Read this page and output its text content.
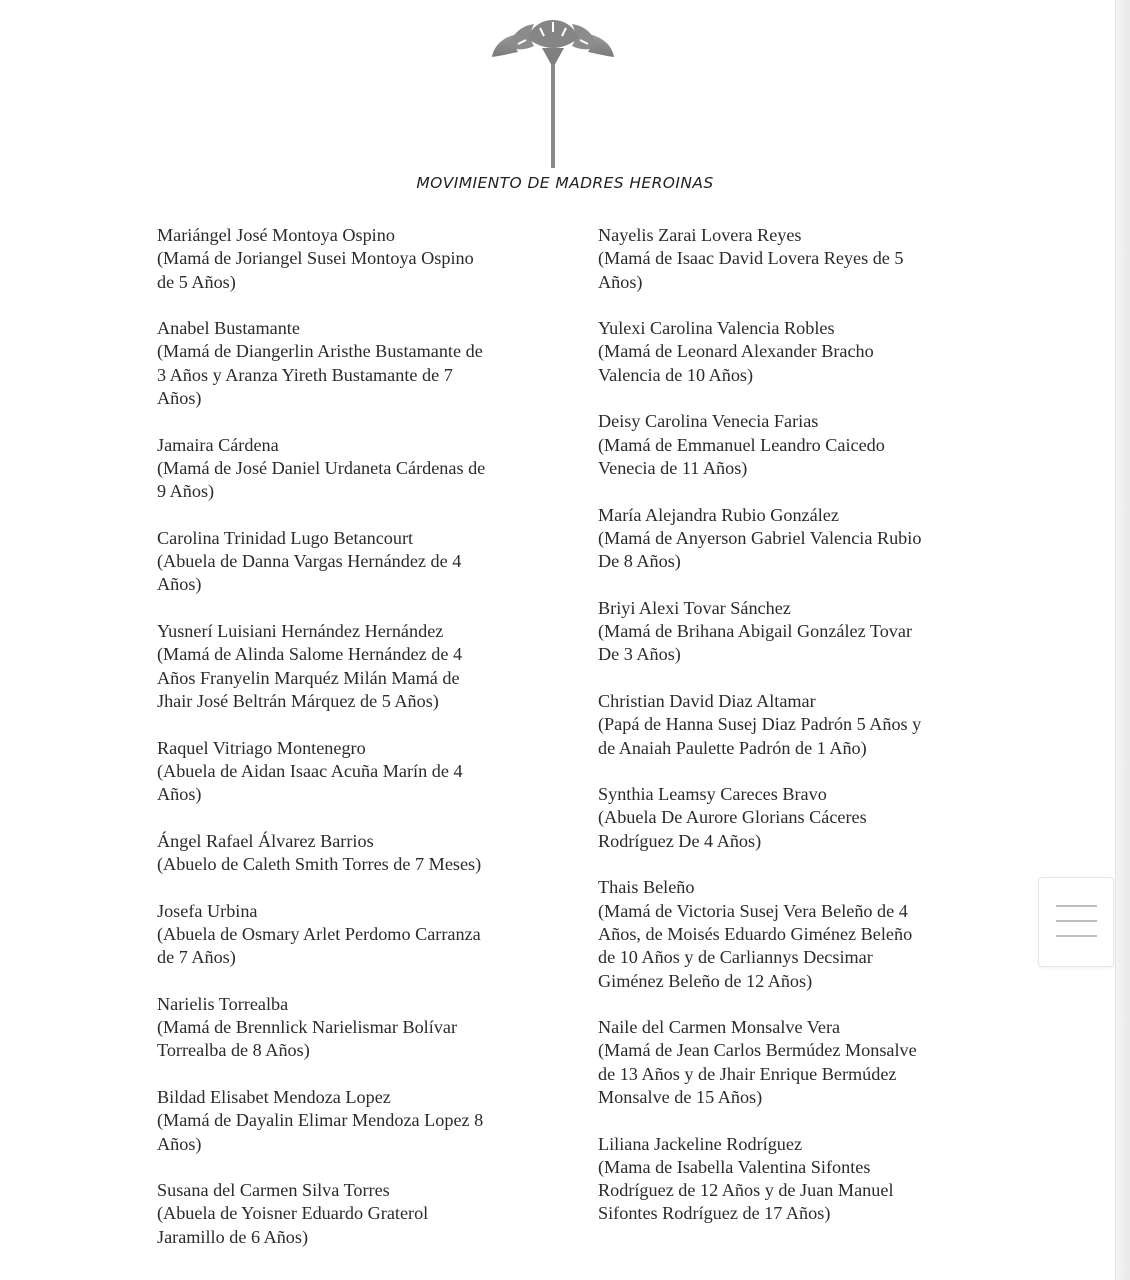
MOVIMIENTO DE MADRES HEROINAS

Mariángel José Montoya Ospino
(Mamá de Joriangel Susei Montoya Ospino
de 5 Años)

Anabel Bustamante
(Mamá de Diangerlin Aristhe Bustamante de
3 Años y Aranza Yireth Bustamante de 7
Años)

Jamaira Cárdena
(Mamá de José Daniel Urdaneta Cárdenas de
9 Años)

Carolina Trinidad Lugo Betancourt
(Abuela de Danna Vargas Hernández de 4
Años)

Yusnerí Luisiani Hernández Hernández
(Mamá de Alinda Salome Hernández de 4
Años Franyelin Marquéz Milán Mamá de
Jhair José Beltrán Márquez de 5 Años)

Raquel Vitriago Montenegro
(Abuela de Aidan Isaac Acuña Marín de 4
Años)

Ángel Rafael Álvarez Barrios
(Abuelo de Caleth Smith Torres de 7 Meses)

Josefa Urbina
(Abuela de Osmary Arlet Perdomo Carranza
de 7 Años)

Narielis Torrealba
(Mamá de Brennlick Narielismar Bolívar
Torrealba de 8 Años)

Bildad Elisabet Mendoza Lopez
(Mamá de Dayalin Elimar Mendoza Lopez 8
Años)

Susana del Carmen Silva Torres
(Abuela de Yoisner Eduardo Graterol
Jaramillo de 6 Años)

Nayelis Zarai Lovera Reyes
(Mamá de Isaac David Lovera Reyes de 5
Años)

Yulexi Carolina Valencia Robles
(Mamá de Leonard Alexander Bracho
Valencia de 10 Años)

Deisy Carolina Venecia Farias
(Mamá de Emmanuel Leandro Caicedo
Venecia de 11 Años)

María Alejandra Rubio González
(Mamá de Anyerson Gabriel Valencia Rubio
De 8 Años)

Briyi Alexi Tovar Sánchez
(Mamá de Brihana Abigail González Tovar
De 3 Años)

Christian David Diaz Altamar
(Papá de Hanna Susej Diaz Padrón 5 Años y
de Anaiah Paulette Padrón de 1 Año)

Synthia Leamsy Careces Bravo
(Abuela De Aurore Glorians Cáceres
Rodríguez De 4 Años)

Thais Beleño
(Mamá de Victoria Susej Vera Beleño de 4
Años, de Moisés Eduardo Giménez Beleño
de 10 Años y de Carliannys Decsimar
Giménez Beleño de 12 Años)

Naile del Carmen Monsalve Vera
(Mamá de Jean Carlos Bermúdez Monsalve
de 13 Años y de Jhair Enrique Bermúdez
Monsalve de 15 Años)

Liliana Jackeline Rodríguez
(Mama de Isabella Valentina Sifontes
Rodríguez de 12 Años y de Juan Manuel
Sifontes Rodríguez de 17 Años)
